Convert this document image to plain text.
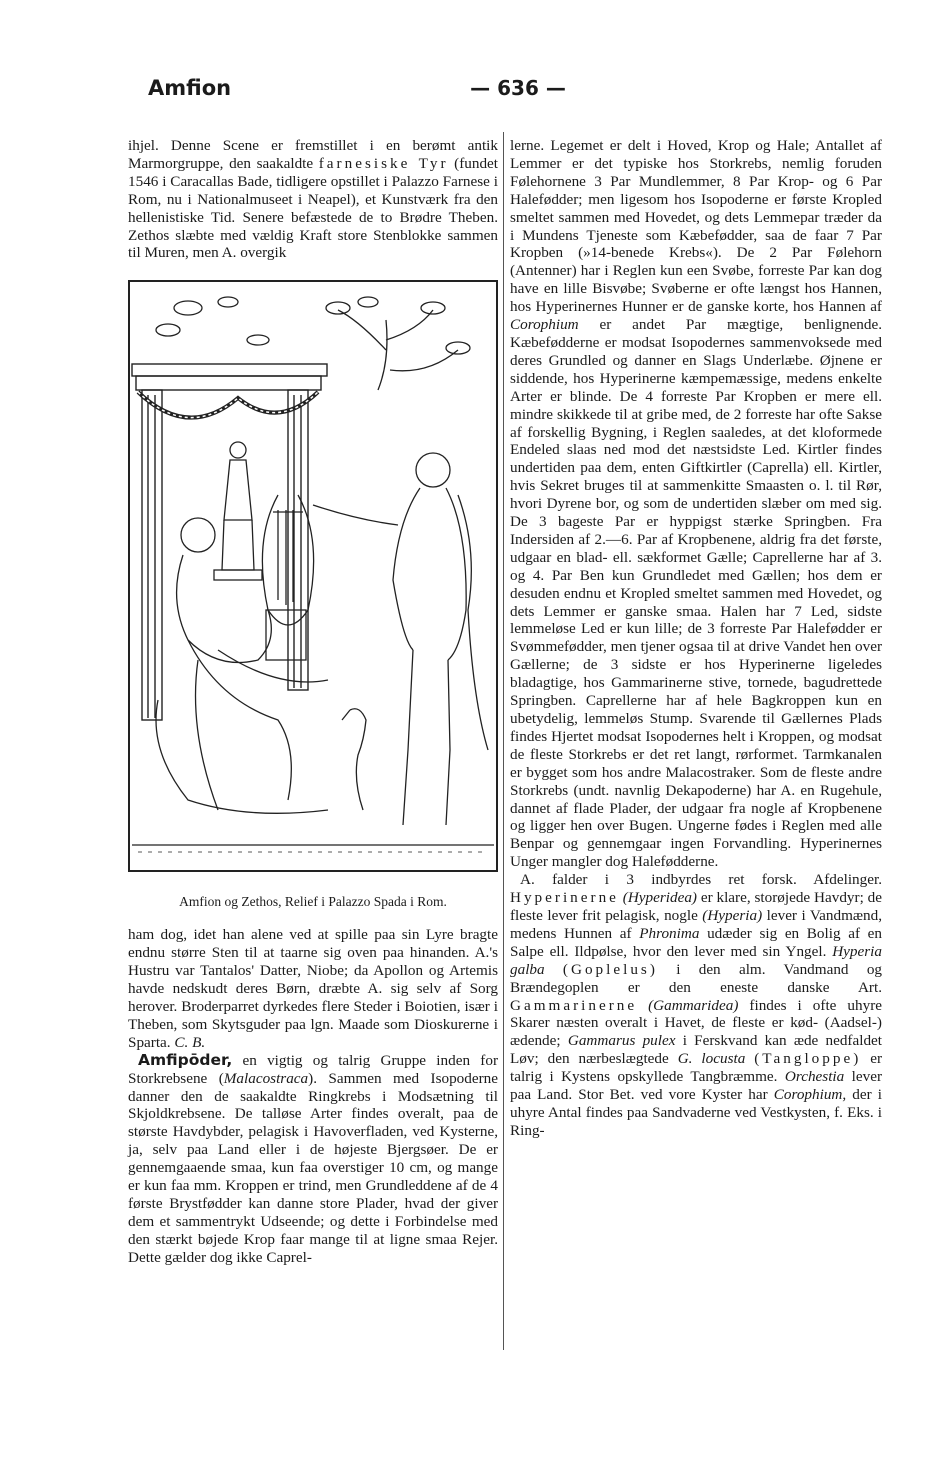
Amfion	— 636 —

ihjel. Denne Scene er fremstillet i en berømt antik Marmorgruppe, den saakaldte farnesiske Tyr (fundet 1546 i Caracallas Bade, tidligere opstillet i Palazzo Farnese i Rom, nu i Nationalmuseet i Neapel), et Kunstværk fra den hellenistiske Tid. Senere befæstede de to Brødre Theben. Zethos slæbte med vældig Kraft store Stenblokke sammen til Muren, men A. overgik

Amfion og Zethos, Relief i Palazzo Spada i Rom.

ham dog, idet han alene ved at spille paa sin Lyre bragte endnu større Sten til at taarne sig oven paa hinanden. A.'s Hustru var Tantalos' Datter, Niobe; da Apollon og Artemis havde nedskudt deres Børn, dræbte A. sig selv af Sorg herover. Broderparret dyrkedes flere Steder i Boiotien, især i Theben, som Skytsguder paa lgn. Maade som Dioskurerne i Sparta. C. B.

Amfipōder, en vigtig og talrig Gruppe inden for Storkrebsene (Malacostraca). Sammen med Isopoderne danner den de saakaldte Ringkrebs i Modsætning til Skjoldkrebsene. De talløse Arter findes overalt, paa de største Havdybder, pelagisk i Havoverfladen, ved Kysterne, ja, selv paa Land eller i de højeste Bjergsøer. De er gennemgaaende smaa, kun faa overstiger 10 cm, og mange er kun faa mm. Kroppen er trind, men Grundleddene af de 4 første Brystfødder kan danne store Plader, hvad der giver dem et sammentrykt Udseende; og dette i Forbindelse med den stærkt bøjede Krop faar mange til at ligne smaa Rejer. Dette gælder dog ikke Caprel-

lerne. Legemet er delt i Hoved, Krop og Hale; Antallet af Lemmer er det typiske hos Storkrebs, nemlig foruden Følehornene 3 Par Mundlemmer, 8 Par Krop- og 6 Par Halefødder; men ligesom hos Isopoderne er første Kropled smeltet sammen med Hovedet, og dets Lemmepar træder da i Mundens Tjeneste som Kæbefødder, saa de faar 7 Par Kropben (»14-benede Krebs«). De 2 Par Følehorn (Antenner) har i Reglen kun een Svøbe, forreste Par kan dog have en lille Bisvøbe; Svøberne er ofte længst hos Hannen, hos Hyperinernes Hunner er de ganske korte, hos Hannen af Corophium er andet Par mægtige, benlignende. Kæbefødderne er modsat Isopodernes sammenvoksede med deres Grundled og danner en Slags Underlæbe. Øjnene er siddende, hos Hyperinerne kæmpemæssige, medens enkelte Arter er blinde. De 4 forreste Par Kropben er mere ell. mindre skikkede til at gribe med, de 2 forreste har ofte Sakse af forskellig Bygning, i Reglen saaledes, at det kloformede Endeled slaas ned mod det næstsidste Led. Kirtler findes undertiden paa dem, enten Giftkirtler (Caprella) ell. Kirtler, hvis Sekret bruges til at sammenkitte Smaasten o. l. til Rør, hvori Dyrene bor, og som de undertiden slæber om med sig. De 3 bageste Par er hyppigst stærke Springben. Fra Indersiden af 2.—6. Par af Kropbenene, aldrig fra det første, udgaar en blad- ell. sækformet Gælle; Caprellerne har af 3. og 4. Par Ben kun Grundledet med Gællen; hos dem er desuden endnu et Kropled smeltet sammen med Hovedet, og dets Lemmer er ganske smaa. Halen har 7 Led, sidste lemmeløse Led er kun lille; de 3 forreste Par Halefødder er Svømmefødder, men tjener ogsaa til at drive Vandet hen over Gællerne; de 3 sidste er hos Hyperinerne ligeledes bladagtige, hos Gammarinerne stive, tornede, bagudrettede Springben. Caprellerne har af hele Bagkroppen kun en ubetydelig, lemmeløs Stump. Svarende til Gællernes Plads findes Hjertet modsat Isopodernes helt i Kroppen, og modsat de fleste Storkrebs er det ret langt, rørformet. Tarmkanalen er bygget som hos andre Malacostraker. Som de fleste andre Storkrebs (undt. navnlig Dekapoderne) har A. en Rugehule, dannet af flade Plader, der udgaar fra nogle af Kropbenene og ligger hen over Bugen. Ungerne fødes i Reglen med alle Benpar og gennemgaar ingen Forvandling. Hyperinernes Unger mangler dog Halefødderne.

A. falder i 3 indbyrdes ret forsk. Afdelinger. Hyperinerne (Hyperidea) er klare, storøjede Havdyr; de fleste lever frit pelagisk, nogle (Hyperia) lever i Vandmænd, medens Hunnen af Phronima udæder sig en Bolig af en Salpe ell. Ildpølse, hvor den lever med sin Yngel. Hyperia galba (Goplelus) i den alm. Vandmand og Brændegoplen er den eneste danske Art. Gammarinerne (Gammaridea) findes i ofte uhyre Skarer næsten overalt i Havet, de fleste er kød- (Aadsel-) ædende; Gammarus pulex i Ferskvand kan æde nedfaldet Løv; den nærbeslægtede G. locusta (Tangloppe) er talrig i Kystens opskyllede Tangbræmme. Orchestia lever paa Land. Stor Bet. ved vore Kyster har Corophium, der i uhyre Antal findes paa Sandvaderne ved Vestkysten, f. Eks. i Ring-
